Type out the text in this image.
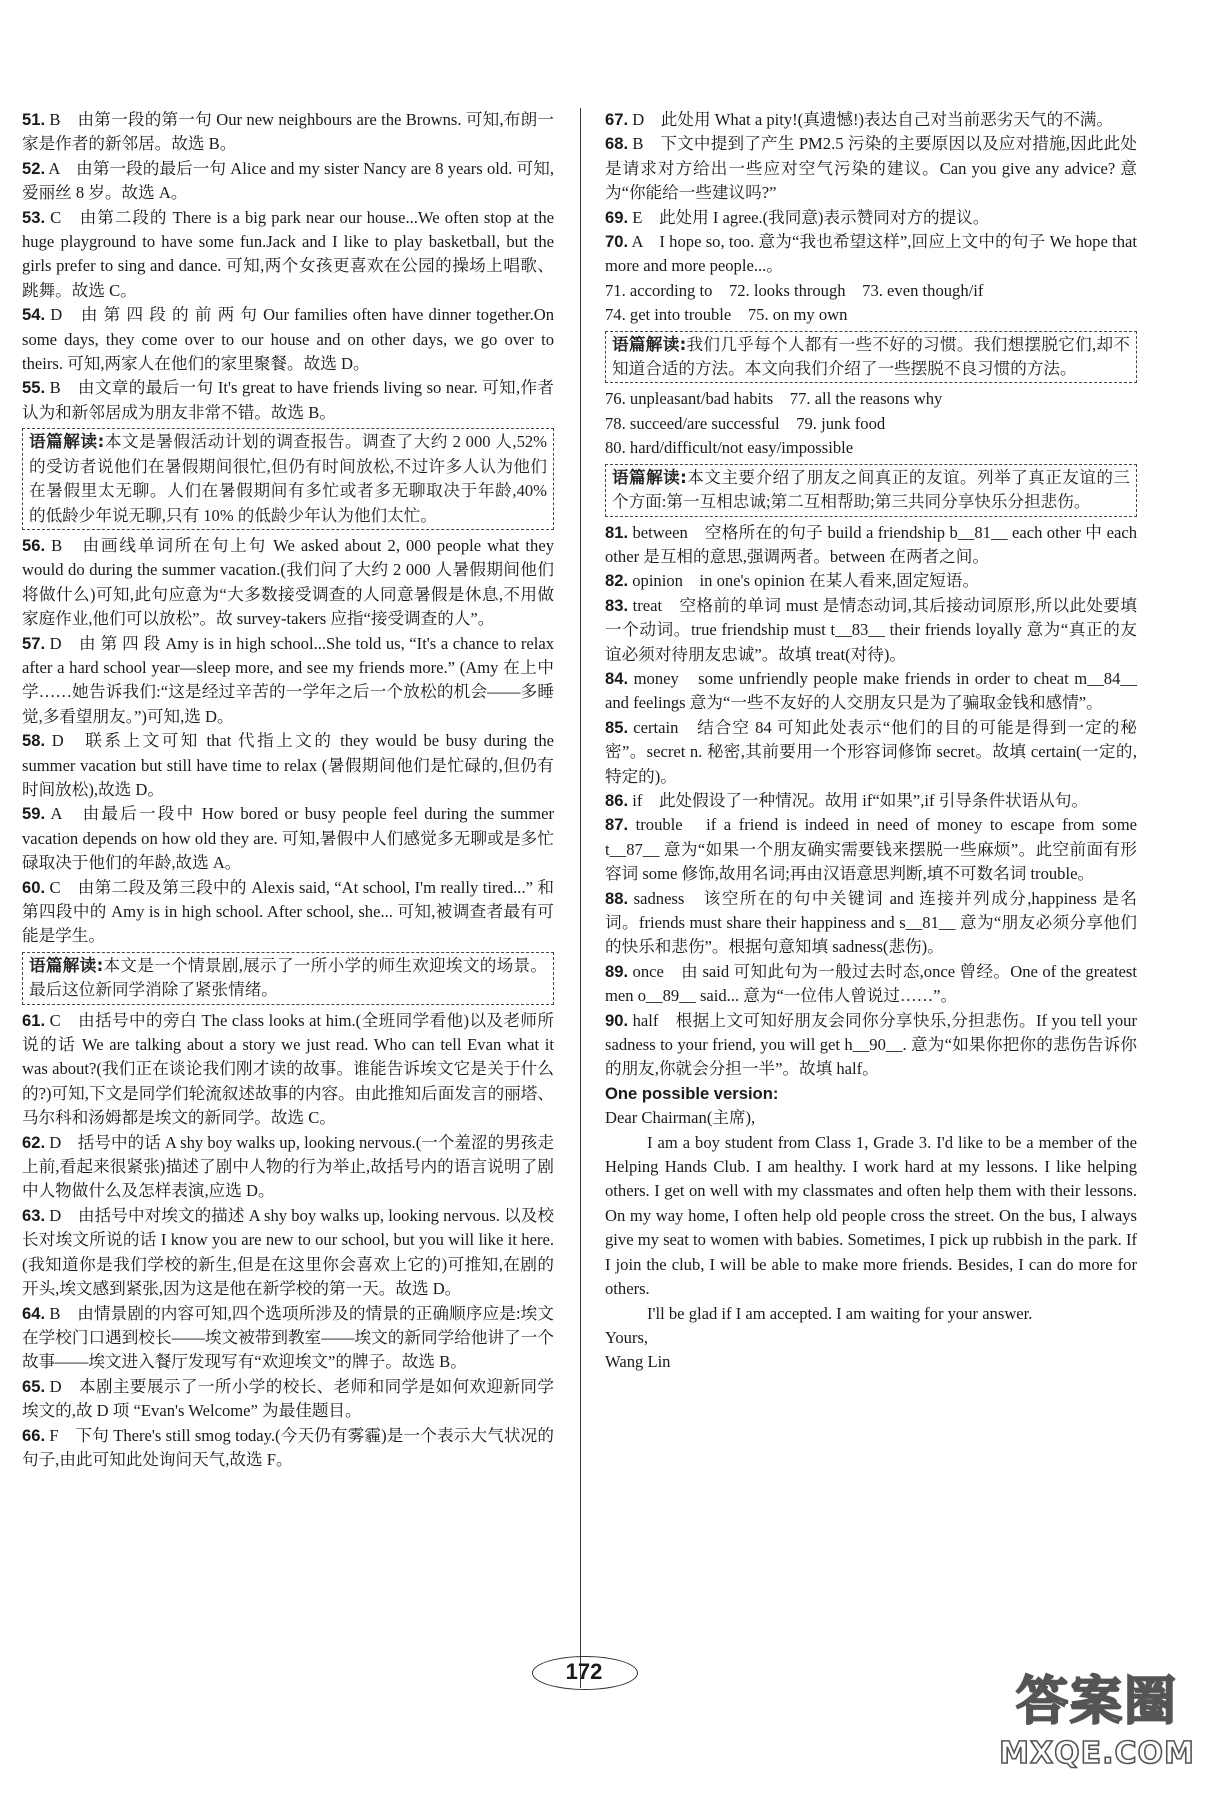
51. B　由第一段的第一句 Our new neighbours are the Browns. 可知,布朗一家是作者的新邻居。故选 B。
52. A　由第一段的最后一句 Alice and my sister Nancy are 8 years old. 可知,爱丽丝 8 岁。故选 A。
53. C　由第二段的 There is a big park near our house...We often stop at the huge playground to have some fun.Jack and I like to play basketball, but the girls prefer to sing and dance. 可知,两个女孩更喜欢在公园的操场上唱歌、跳舞。故选 C。
54. D　由 第 四 段 的 前 两 句 Our families often have dinner together.On some days, they come over to our house and on other days, we go over to theirs. 可知,两家人在他们的家里聚餐。故选 D。
55. B　由文章的最后一句 It's great to have friends living so near. 可知,作者认为和新邻居成为朋友非常不错。故选 B。
语篇解读:本文是暑假活动计划的调查报告。调查了大约 2 000 人,52% 的受访者说他们在暑假期间很忙,但仍有时间放松,不过许多人认为他们在暑假里太无聊。人们在暑假期间有多忙或者多无聊取决于年龄,40% 的低龄少年说无聊,只有 10% 的低龄少年认为他们太忙。
56. B　由画线单词所在句上句 We asked about 2, 000 people what they would do during the summer vacation.(我们问了大约 2 000 人暑假期间他们将做什么)可知,此句应意为“大多数接受调查的人同意暑假是休息,不用做家庭作业,他们可以放松”。故 survey-takers 应指“接受调查的人”。
57. D　由 第 四 段 Amy is in high school...She told us, “It's a chance to relax after a hard school year—sleep more, and see my friends more.” (Amy 在上中学……她告诉我们:“这是经过辛苦的一学年之后一个放松的机会——多睡觉,多看望朋友。”)可知,选 D。
58. D　联系上文可知 that 代指上文的 they would be busy during the summer vacation but still have time to relax (暑假期间他们是忙碌的,但仍有时间放松),故选 D。
59. A　由最后一段中 How bored or busy people feel during the summer vacation depends on how old they are. 可知,暑假中人们感觉多无聊或是多忙碌取决于他们的年龄,故选 A。
60. C　由第二段及第三段中的 Alexis said, “At school, I'm really tired...” 和第四段中的 Amy is in high school. After school, she... 可知,被调查者最有可能是学生。
语篇解读:本文是一个情景剧,展示了一所小学的师生欢迎埃文的场景。最后这位新同学消除了紧张情绪。
61. C　由括号中的旁白 The class looks at him.(全班同学看他)以及老师所说的话 We are talking about a story we just read. Who can tell Evan what it was about?(我们正在谈论我们刚才读的故事。谁能告诉埃文它是关于什么的?)可知,下文是同学们轮流叙述故事的内容。由此推知后面发言的丽塔、马尔科和汤姆都是埃文的新同学。故选 C。
62. D　括号中的话 A shy boy walks up, looking nervous.(一个羞涩的男孩走上前,看起来很紧张)描述了剧中人物的行为举止,故括号内的语言说明了剧中人物做什么及怎样表演,应选 D。
63. D　由括号中对埃文的描述 A shy boy walks up, looking nervous. 以及校长对埃文所说的话 I know you are new to our school, but you will like it here.(我知道你是我们学校的新生,但是在这里你会喜欢上它的)可推知,在剧的开头,埃文感到紧张,因为这是他在新学校的第一天。故选 D。
64. B　由情景剧的内容可知,四个选项所涉及的情景的正确顺序应是:埃文在学校门口遇到校长——埃文被带到教室——埃文的新同学给他讲了一个故事——埃文进入餐厅发现写有“欢迎埃文”的牌子。故选 B。
65. D　本剧主要展示了一所小学的校长、老师和同学是如何欢迎新同学埃文的,故 D 项 “Evan's Welcome” 为最佳题目。
66. F　下句 There's still smog today.(今天仍有雾霾)是一个表示大气状况的句子,由此可知此处询问天气,故选 F。
67. D　此处用 What a pity!(真遗憾!)表达自己对当前恶劣天气的不满。
68. B　下文中提到了产生 PM2.5 污染的主要原因以及应对措施,因此此处是请求对方给出一些应对空气污染的建议。Can you give any advice? 意为“你能给一些建议吗?”
69. E　此处用 I agree.(我同意)表示赞同对方的提议。
70. A　I hope so, too. 意为“我也希望这样”,回应上文中的句子 We hope that more and more people...。

71. according to　72. looks through　73. even though/if

74. get into trouble　75. on my own

语篇解读:我们几乎每个人都有一些不好的习惯。我们想摆脱它们,却不知道合适的方法。本文向我们介绍了一些摆脱不良习惯的方法。

76. unpleasant/bad habits　77. all the reasons why

78. succeed/are successful　79. junk food

80. hard/difficult/not easy/impossible

语篇解读:本文主要介绍了朋友之间真正的友谊。列举了真正友谊的三个方面:第一互相忠诚;第二互相帮助;第三共同分享快乐分担悲伤。
81. between　空格所在的句子 build a friendship b__81__ each other 中 each other 是互相的意思,强调两者。between 在两者之间。
82. opinion　in one's opinion 在某人看来,固定短语。
83. treat　空格前的单词 must 是情态动词,其后接动词原形,所以此处要填一个动词。true friendship must t__83__ their friends loyally 意为“真正的友谊必须对待朋友忠诚”。故填 treat(对待)。
84. money　some unfriendly people make friends in order to cheat m__84__ and feelings 意为“一些不友好的人交朋友只是为了骗取金钱和感情”。
85. certain　结合空 84 可知此处表示“他们的目的可能是得到一定的秘密”。secret n. 秘密,其前要用一个形容词修饰 secret。故填 certain(一定的,特定的)。
86. if　此处假设了一种情况。故用 if“如果”,if 引导条件状语从句。
87. trouble　if a friend is indeed in need of money to escape from some t__87__ 意为“如果一个朋友确实需要钱来摆脱一些麻烦”。此空前面有形容词 some 修饰,故用名词;再由汉语意思判断,填不可数名词 trouble。
88. sadness　该空所在的句中关键词 and 连接并列成分,happiness 是名词。friends must share their happiness and s__81__ 意为“朋友必须分享他们的快乐和悲伤”。根据句意知填 sadness(悲伤)。
89. once　由 said 可知此句为一般过去时态,once 曾经。One of the greatest men o__89__ said... 意为“一位伟人曾说过……”。
90. half　根据上文可知好朋友会同你分享快乐,分担悲伤。If you tell your sadness to your friend, you will get h__90__. 意为“如果你把你的悲伤告诉你的朋友,你就会分担一半”。故填 half。

One possible version:

Dear Chairman(主席),

I am a boy student from Class 1, Grade 3. I'd like to be a member of the Helping Hands Club. I am healthy. I work hard at my lessons. I like helping others. I get on well with my classmates and often help them with their lessons. On my way home, I often help old people cross the street. On the bus, I always give my seat to women with babies. Sometimes, I pick up rubbish in the park. If I join the club, I will be able to make more friends. Besides, I can do more for others.

I'll be glad if I am accepted. I am waiting for your answer.

Yours,

Wang Lin

172
答案圈
MXQE.COM
